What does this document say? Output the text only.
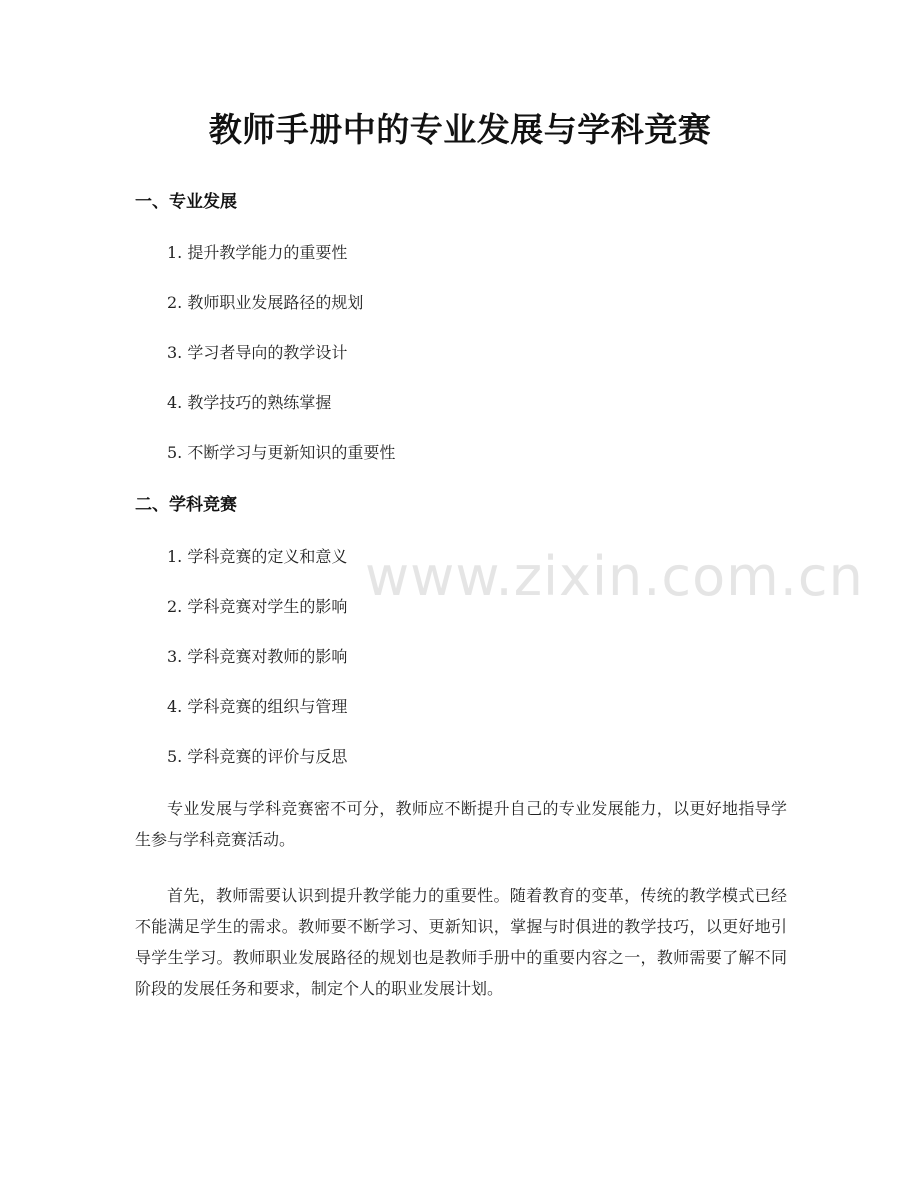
教师手册中的专业发展与学科竞赛
一、专业发展
1. 提升教学能力的重要性
2. 教师职业发展路径的规划
3. 学习者导向的教学设计
4. 教学技巧的熟练掌握
5. 不断学习与更新知识的重要性
二、学科竞赛
1. 学科竞赛的定义和意义
2. 学科竞赛对学生的影响
3. 学科竞赛对教师的影响
4. 学科竞赛的组织与管理
5. 学科竞赛的评价与反思

专业发展与学科竞赛密不可分，教师应不断提升自己的专业发展能力，以更好地指导学生参与学科竞赛活动。

首先，教师需要认识到提升教学能力的重要性。随着教育的变革，传统的教学模式已经不能满足学生的需求。教师要不断学习、更新知识，掌握与时俱进的教学技巧，以更好地引导学生学习。教师职业发展路径的规划也是教师手册中的重要内容之一，教师需要了解不同阶段的发展任务和要求，制定个人的职业发展计划。

www.zixin.com.cn
